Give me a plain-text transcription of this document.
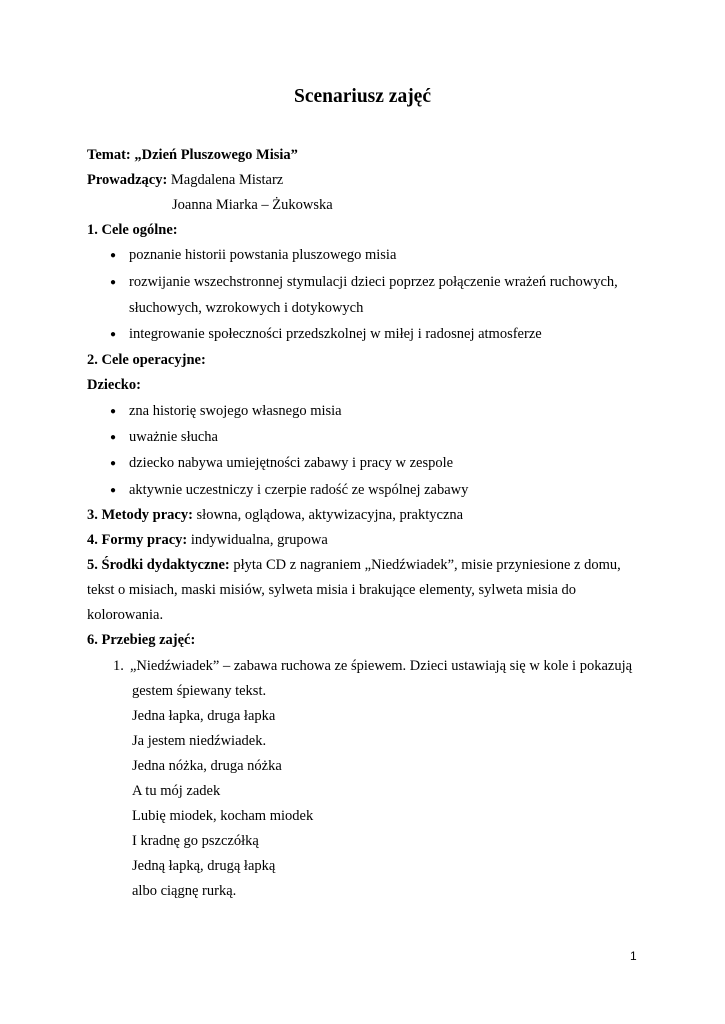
Scenariusz zajęć
Temat: „Dzień Pluszowego Misia”
Prowadzący: Magdalena Mistarz
Joanna Miarka – Żukowska
1. Cele ogólne:
● poznanie historii powstania pluszowego misia
● rozwijanie wszechstronnej stymulacji dzieci poprzez połączenie wrażeń ruchowych,
słuchowych, wzrokowych i dotykowych
● integrowanie społeczności przedszkolnej w miłej i radosnej atmosferze
2. Cele operacyjne:
Dziecko:
● zna historię swojego własnego misia
● uważnie słucha
● dziecko nabywa umiejętności zabawy i pracy w zespole
● aktywnie uczestniczy i czerpie radość ze wspólnej zabawy
3. Metody pracy: słowna, oglądowa, aktywizacyjna, praktyczna
4. Formy pracy: indywidualna, grupowa
5. Środki dydaktyczne: płyta CD z nagraniem „Niedźwiadek”, misie przyniesione z domu,
tekst o misiach, maski misiów, sylweta misia i brakujące elementy, sylweta misia do
kolorowania.
6. Przebieg zajęć:
1. „Niedźwiadek” – zabawa ruchowa ze śpiewem. Dzieci ustawiają się w kole i pokazują
gestem śpiewany tekst.
Jedna łapka, druga łapka
Ja jestem niedźwiadek.
Jedna nóżka, druga nóżka
A tu mój zadek
Lubię miodek, kocham miodek
I kradnę go pszczółką
Jedną łapką, drugą łapką
albo ciągnę rurką.
1
